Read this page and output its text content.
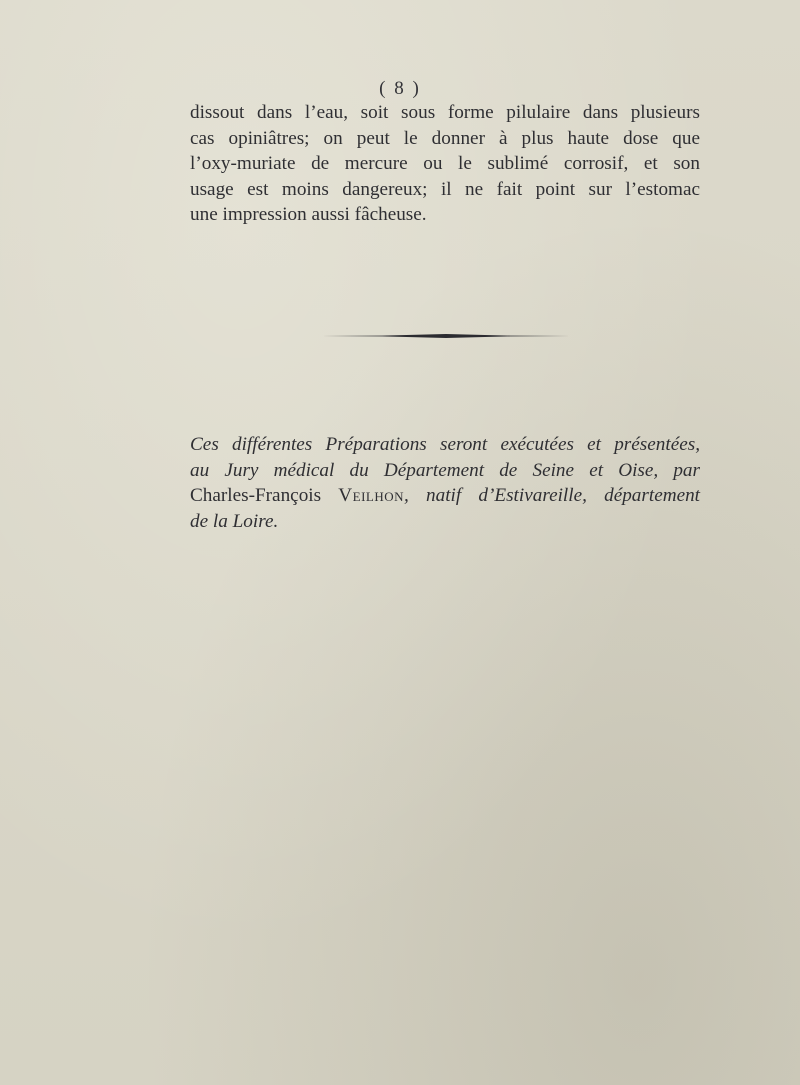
( 8 )

dissout dans l’eau, soit sous forme pilulaire dans plusieurs
cas opiniâtres; on peut le donner à plus haute dose que
l’oxy-muriate de mercure ou le sublimé corrosif, et son
usage est moins dangereux; il ne fait point sur l’estomac
une impression aussi fâcheuse.

Ces différentes Préparations seront exécutées et présentées,
au Jury médical du Département de Seine et Oise, par
Charles-François Veilhon, natif d’Estivareille, département
de la Loire.
